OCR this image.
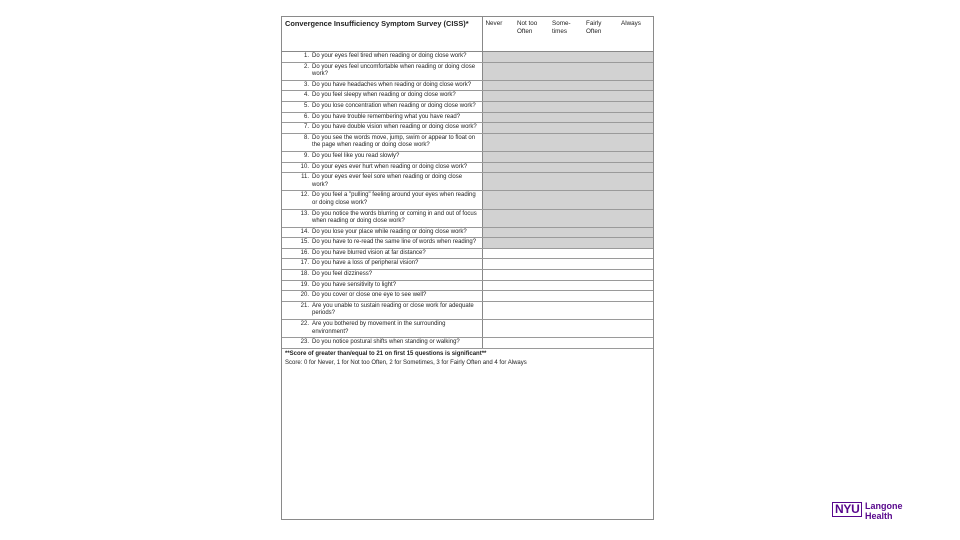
Convergence Insufficiency Symptom Survey (CISS)*	Never	Not too Often	Some-times	Fairly Often	Always

1. Do your eyes feel tired when reading or doing close work?					

2. Do your eyes feel uncomfortable when reading or doing close work?					

3. Do you have headaches when reading or doing close work?					

4. Do you feel sleepy when reading or doing close work?					

5. Do you lose concentration when reading or doing close work?					

6. Do you have trouble remembering what you have read?					

7. Do you have double vision when reading or doing close work?					

8. Do you see the words move, jump, swim or appear to float on the page when reading or doing close work?					

9. Do you feel like you read slowly?					

10. Do your eyes ever hurt when reading or doing close work?					

11. Do your eyes ever feel sore when reading or doing close work?					

12. Do you feel a "pulling" feeling around your eyes when reading or doing close work?					

13. Do you notice the words blurring or coming in and out of focus when reading or doing close work?					

14. Do you lose your place while reading or doing close work?					

15. Do you have to re-read the same line of words when reading?					

16. Do you have blurred vision at far distance?					

17. Do you have a loss of peripheral vision?					

18. Do you feel dizziness?					

19. Do you have sensitivity to light?					

20. Do you cover or close one eye to see well?					

21. Are you unable to sustain reading or close work for adequate periods?					

22. Are you bothered by movement in the surrounding environment?					

23. Do you notice postural shifts when standing or walking?					

**Score of greater than/equal to 21 on first 15 questions is significant**
Score: 0 for Never, 1 for Not too Often, 2 for Sometimes, 3 for Fairly Often and 4 for Always
NYU Langone
Health
